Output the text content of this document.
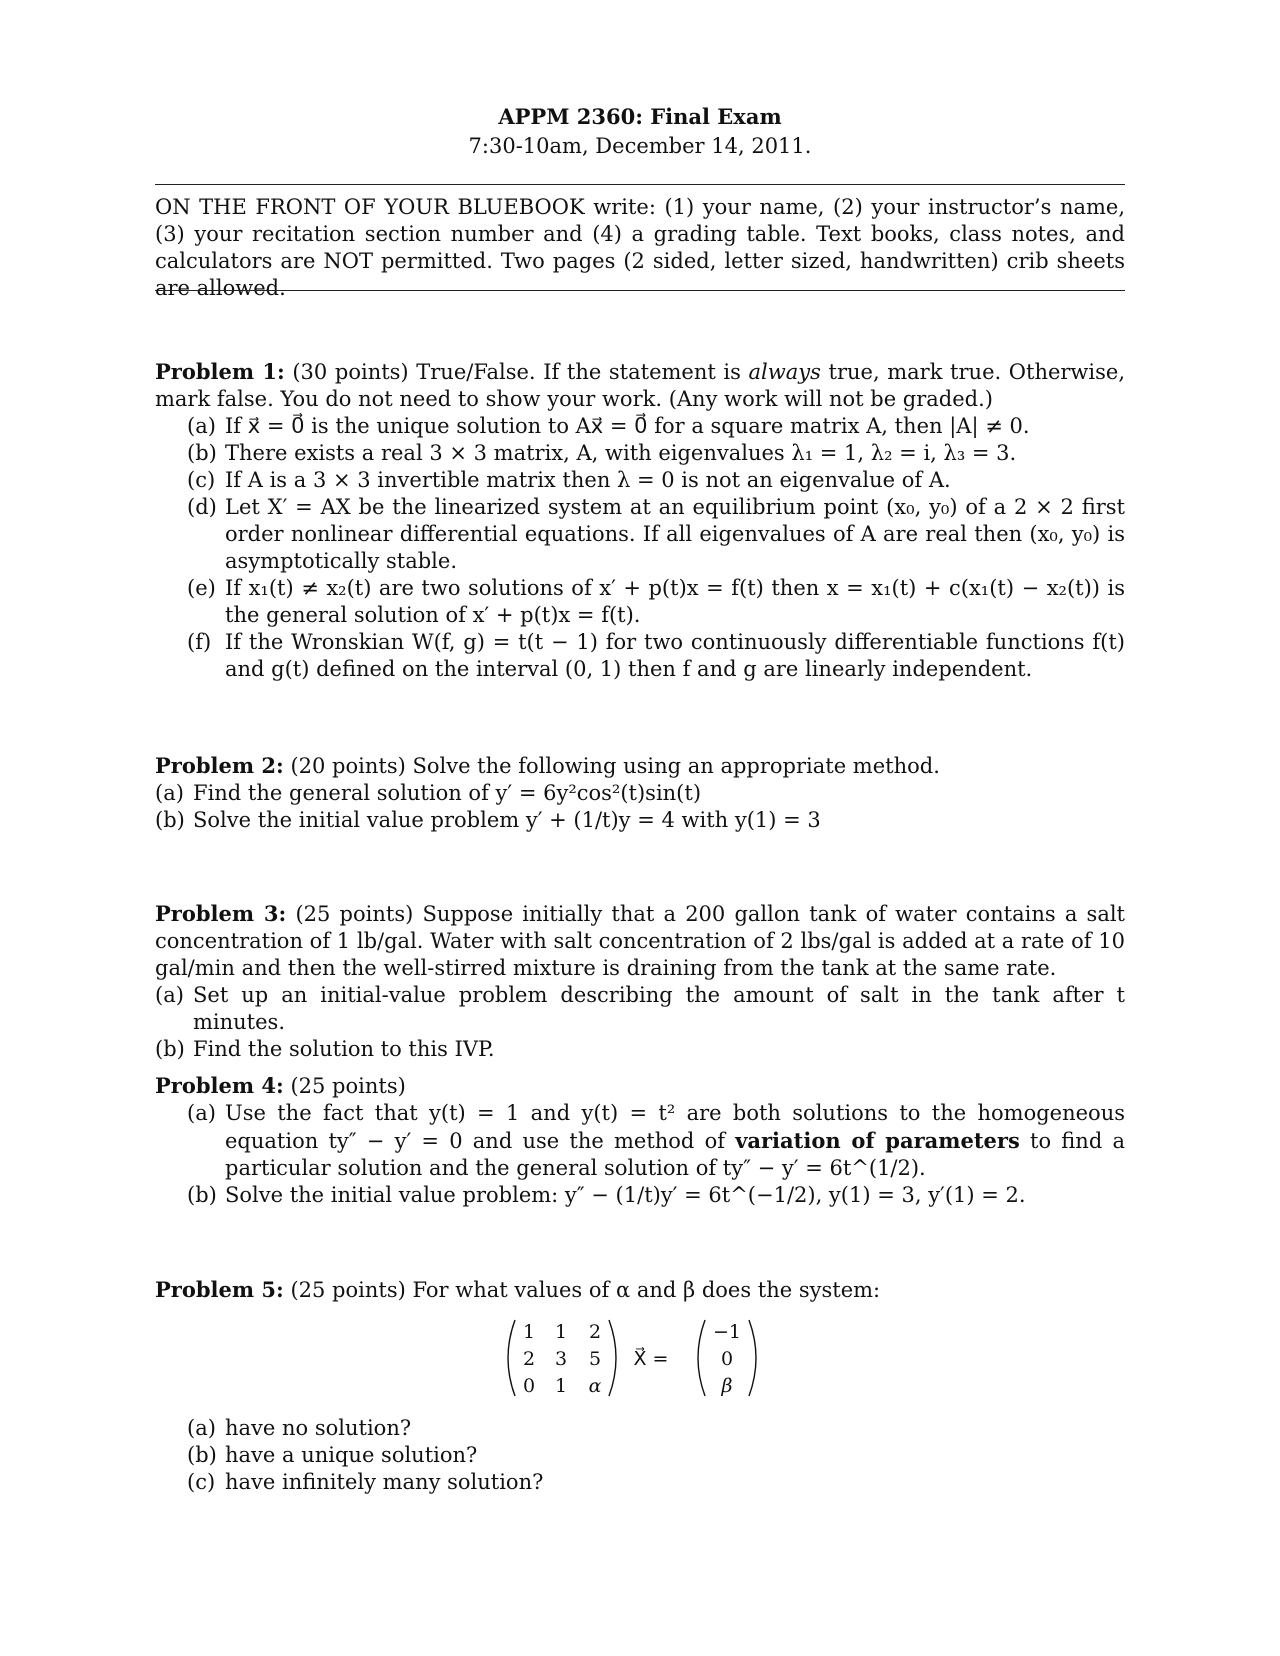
APPM 2360: Final Exam
7:30-10am, December 14, 2011.
ON THE FRONT OF YOUR BLUEBOOK write: (1) your name, (2) your instructor’s name, (3) your recitation section number and (4) a grading table. Text books, class notes, and calculators are NOT permitted. Two pages (2 sided, letter sized, handwritten) crib sheets are allowed.
Problem 1: (30 points) True/False. If the statement is always true, mark true. Otherwise, mark false. You do not need to show your work. (Any work will not be graded.)
(a) If x⃗ = 0⃗ is the unique solution to Ax⃗ = 0⃗ for a square matrix A, then |A| ≠ 0.
(b) There exists a real 3 × 3 matrix, A, with eigenvalues λ₁ = 1, λ₂ = i, λ₃ = 3.
(c) If A is a 3 × 3 invertible matrix then λ = 0 is not an eigenvalue of A.
(d) Let X′ = AX be the linearized system at an equilibrium point (x₀, y₀) of a 2 × 2 first order nonlinear differential equations. If all eigenvalues of A are real then (x₀, y₀) is asymptotically stable.
(e) If x₁(t) ≠ x₂(t) are two solutions of x′ + p(t)x = f(t) then x = x₁(t) + c(x₁(t) − x₂(t)) is the general solution of x′ + p(t)x = f(t).
(f) If the Wronskian W(f, g) = t(t − 1) for two continuously differentiable functions f(t) and g(t) defined on the interval (0, 1) then f and g are linearly independent.
Problem 2: (20 points) Solve the following using an appropriate method.
(a) Find the general solution of y′ = 6y²cos²(t)sin(t)
(b) Solve the initial value problem y′ + (1/t)y = 4 with y(1) = 3
Problem 3: (25 points) Suppose initially that a 200 gallon tank of water contains a salt concentration of 1 lb/gal. Water with salt concentration of 2 lbs/gal is added at a rate of 10 gal/min and then the well-stirred mixture is draining from the tank at the same rate.
(a) Set up an initial-value problem describing the amount of salt in the tank after t minutes.
(b) Find the solution to this IVP.
Problem 4: (25 points)
(a) Use the fact that y(t) = 1 and y(t) = t² are both solutions to the homogeneous equation ty″ − y′ = 0 and use the method of variation of parameters to find a particular solution and the general solution of ty″ − y′ = 6t^(1/2).
(b) Solve the initial value problem: y″ − (1/t)y′ = 6t^(−1/2), y(1) = 3, y′(1) = 2.
Problem 5: (25 points) For what values of α and β does the system:
1 1 2
2 3 5
0 1 α
X⃗ =
−1
0
β
(a) have no solution?
(b) have a unique solution?
(c) have infinitely many solution?
